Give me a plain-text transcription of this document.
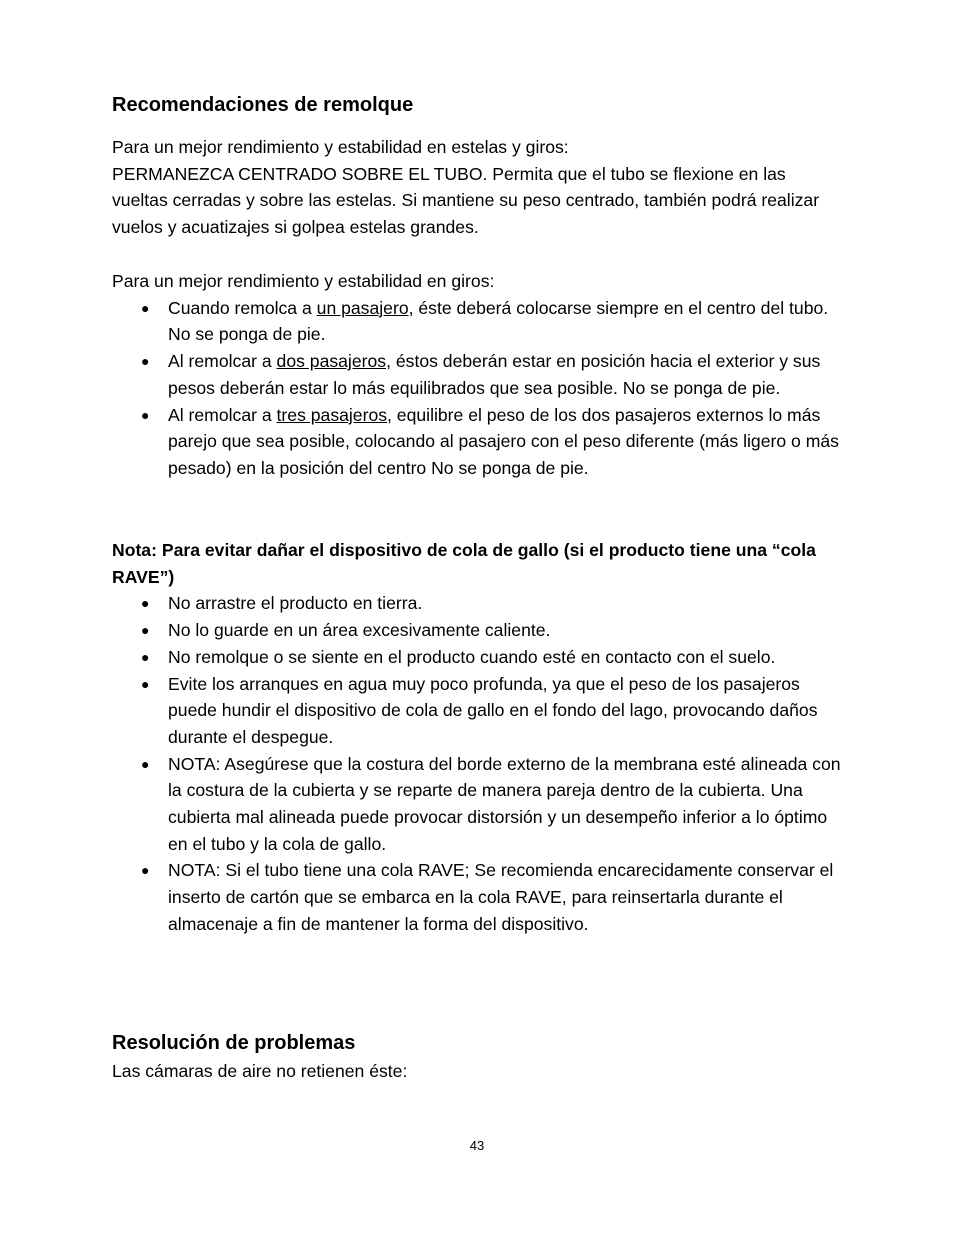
Recomendaciones de remolque

Para un mejor rendimiento y estabilidad en estelas y giros:

PERMANEZCA CENTRADO SOBRE EL TUBO. Permita que el tubo se flexione en las vueltas cerradas y sobre las estelas. Si mantiene su peso centrado, también podrá realizar vuelos y acuatizajes si golpea estelas grandes.

Para un mejor rendimiento y estabilidad en giros:

● Cuando remolca a un pasajero, éste deberá colocarse siempre en el centro del tubo. No se ponga de pie.
● Al remolcar a dos pasajeros, éstos deberán estar en posición hacia el exterior y sus pesos deberán estar lo más equilibrados que sea posible. No se ponga de pie.
● Al remolcar a tres pasajeros, equilibre el peso de los dos pasajeros externos lo más parejo que sea posible, colocando al pasajero con el peso diferente (más ligero o más pesado) en la posición del centro No se ponga de pie.

Nota: Para evitar dañar el dispositivo de cola de gallo (si el producto tiene una “cola RAVE”)

● No arrastre el producto en tierra.
● No lo guarde en un área excesivamente caliente.
● No remolque o se siente en el producto cuando esté en contacto con el suelo.
● Evite los arranques en agua muy poco profunda, ya que el peso de los pasajeros puede hundir el dispositivo de cola de gallo en el fondo del lago, provocando daños durante el despegue.
● NOTA: Asegúrese que la costura del borde externo de la membrana esté alineada con la costura de la cubierta y se reparte de manera pareja dentro de la cubierta. Una cubierta mal alineada puede provocar distorsión y un desempeño inferior a lo óptimo en el tubo y la cola de gallo.
● NOTA: Si el tubo tiene una cola RAVE; Se recomienda encarecidamente conservar el inserto de cartón que se embarca en la cola RAVE, para reinsertarla durante el almacenaje a fin de mantener la forma del dispositivo.
Resolución de problemas

Las cámaras de aire no retienen éste:

43
